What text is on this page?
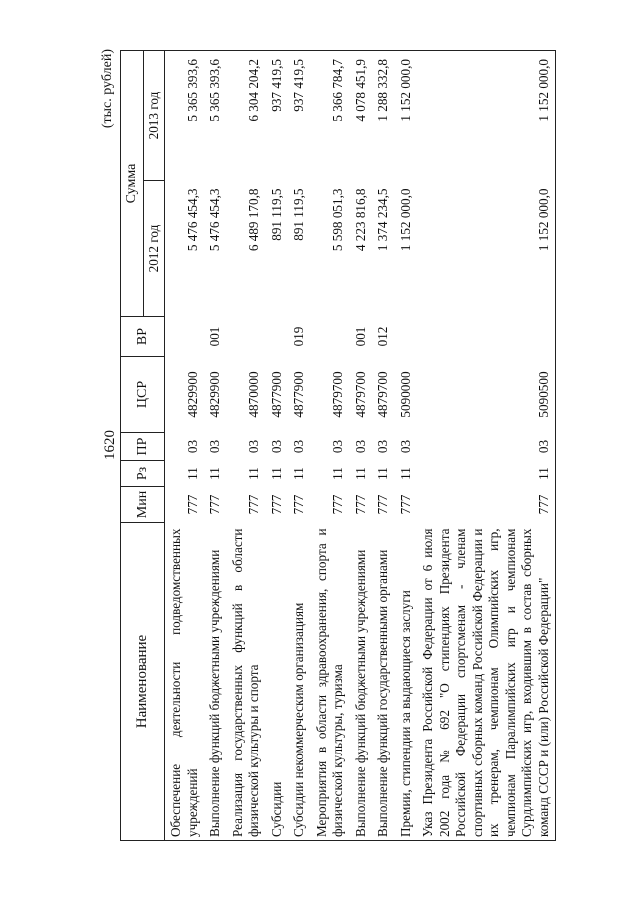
1620
(тыс. рублей)
Наименование	Мин	Рз	ПР	ЦСР	ВР	Сумма	
						2012 год	2013 год
Обеспечение деятельности подведомственных учреждений	777	11	03	4829900		5 476 454,3	5 365 393,6
Выполнение функций бюджетными учреждениями	777	11	03	4829900	001	5 476 454,3	5 365 393,6
Реализация государственных функций в области физической культуры и спорта	777	11	03	4870000		6 489 170,8	6 304 204,2
Субсидии	777	11	03	4877900		891 119,5	937 419,5
Субсидии некоммерческим организациям	777	11	03	4877900	019	891 119,5	937 419,5
Мероприятия в области здравоохранения, спорта и физической культуры, туризма	777	11	03	4879700		5 598 051,3	5 366 784,7
Выполнение функций бюджетными учреждениями	777	11	03	4879700	001	4 223 816,8	4 078 451,9
Выполнение функций государственными органами	777	11	03	4879700	012	1 374 234,5	1 288 332,8
Премии, стипендии за выдающиеся заслуги	777	11	03	5090000		1 152 000,0	1 152 000,0
Указ Президента Российской Федерации от 6 июля 2002 года № 692 "О стипендиях Президента Российской Федерации спортсменам - членам спортивных сборных команд Российской Федерации и их тренерам, чемпионам Олимпийских игр, чемпионам Паралимпийских игр и чемпионам Сурдлимпийских игр, входившим в состав сборных команд СССР и (или) Российской Федерации"	777	11	03	5090500		1 152 000,0	1 152 000,0
